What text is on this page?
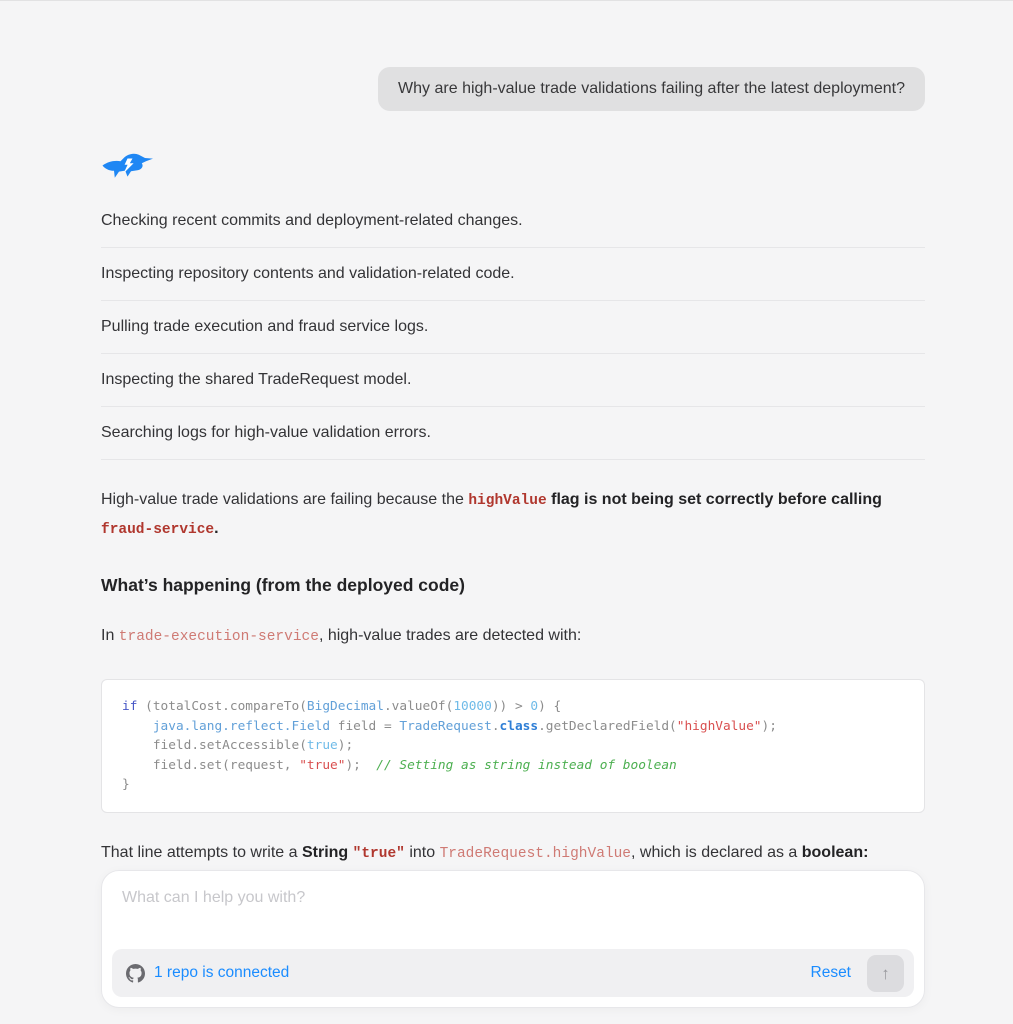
Why are high-value trade validations failing after the latest deployment?
Checking recent commits and deployment-related changes.
Inspecting repository contents and validation-related code.
Pulling trade execution and fraud service logs.
Inspecting the shared TradeRequest model.
Searching logs for high-value validation errors.

High-value trade validations are failing because the highValue flag is not being set correctly before calling fraud-service.

What’s happening (from the deployed code)

In trade-execution-service, high-value trades are detected with:

if (totalCost.compareTo(BigDecimal.valueOf(10000)) > 0) {
java.lang.reflect.Field field = TradeRequest.class.getDeclaredField("highValue");
field.setAccessible(true);
field.set(request, "true");  // Setting as string instead of boolean
}

That line attempts to write a String "true" into TradeRequest.highValue, which is declared as a boolean:

What can I help you with?
1 repo is connected	Reset ↑
